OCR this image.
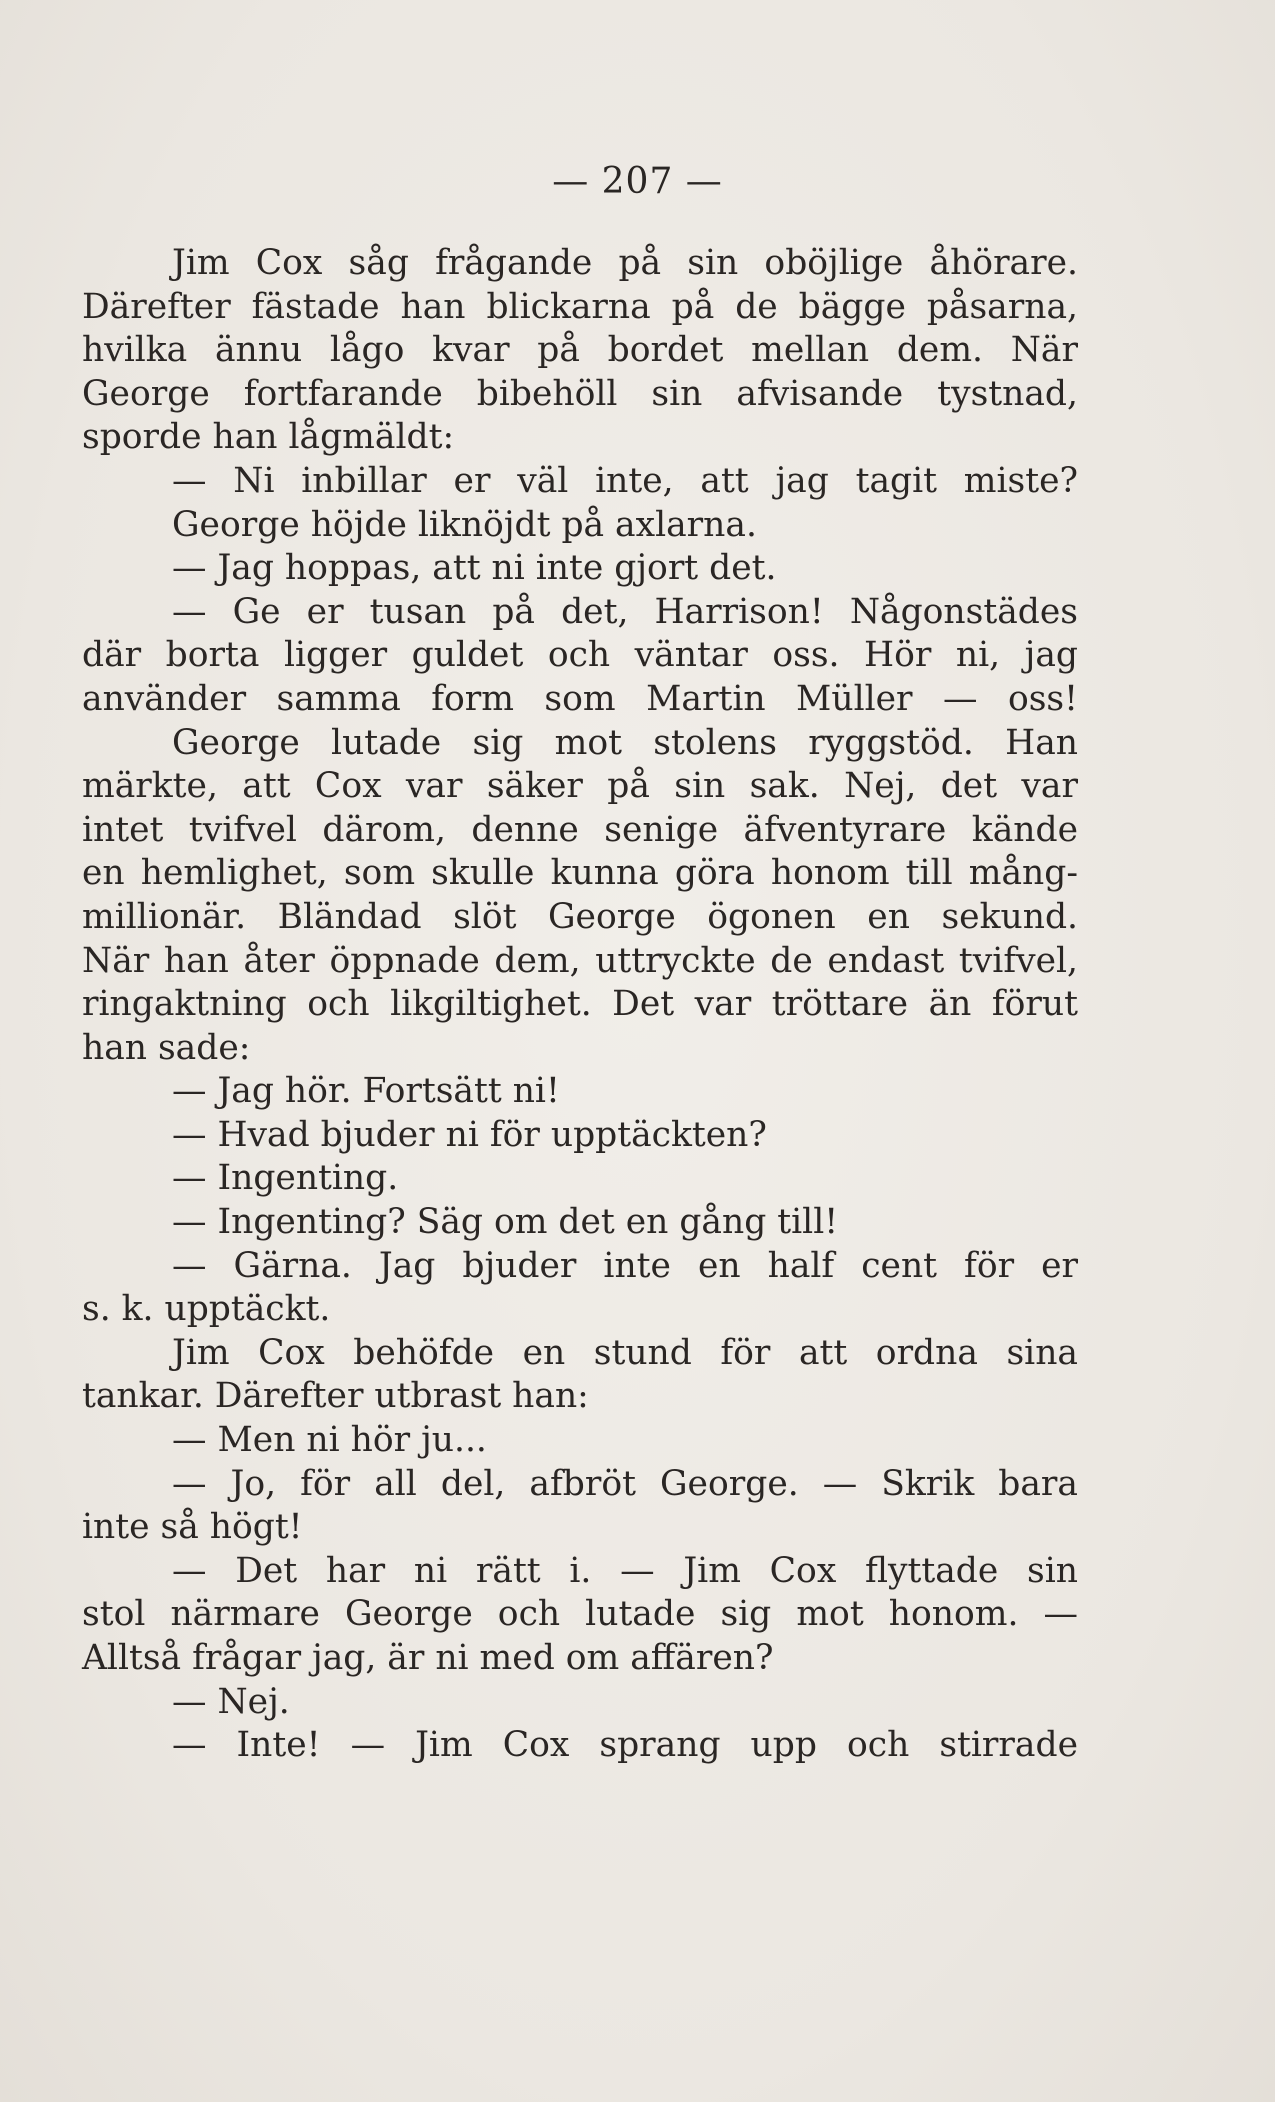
— 207 —
Jim Cox såg frågande på sin oböjlige åhörare.
Därefter fästade han blickarna på de bägge påsarna,
hvilka ännu lågo kvar på bordet mellan dem. När
George fortfarande bibehöll sin afvisande tystnad,
sporde han lågmäldt:
— Ni inbillar er väl inte, att jag tagit miste?
George höjde liknöjdt på axlarna.
— Jag hoppas, att ni inte gjort det.
— Ge er tusan på det, Harrison! Någonstädes
där borta ligger guldet och väntar oss. Hör ni, jag
använder samma form som Martin Müller — oss!
George lutade sig mot stolens ryggstöd. Han
märkte, att Cox var säker på sin sak. Nej, det var
intet tvifvel därom, denne senige äfventyrare kände
en hemlighet, som skulle kunna göra honom till mång-
millionär. Bländad slöt George ögonen en sekund.
När han åter öppnade dem, uttryckte de endast tvifvel,
ringaktning och likgiltighet. Det var tröttare än förut
han sade:
— Jag hör. Fortsätt ni!
— Hvad bjuder ni för upptäckten?
— Ingenting.
— Ingenting? Säg om det en gång till!
— Gärna. Jag bjuder inte en half cent för er
s. k. upptäckt.
Jim Cox behöfde en stund för att ordna sina
tankar. Därefter utbrast han:
— Men ni hör ju...
— Jo, för all del, afbröt George. — Skrik bara
inte så högt!
— Det har ni rätt i. — Jim Cox flyttade sin
stol närmare George och lutade sig mot honom. —
Alltså frågar jag, är ni med om affären?
— Nej.
— Inte! — Jim Cox sprang upp och stirrade
